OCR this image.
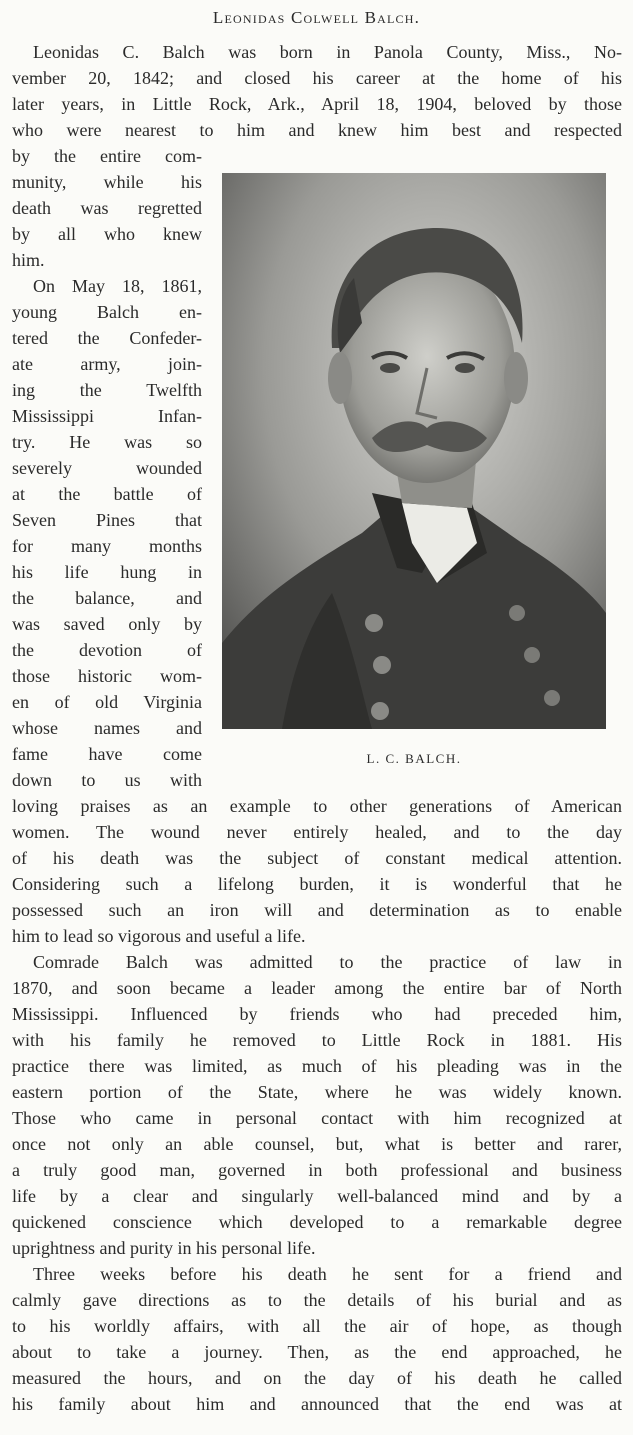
Leonidas Colwell Balch.
L. C. BALCH.
Leonidas C. Balch was born in Panola County, Miss., No-
vember 20, 1842; and closed his career at the home of his
later years, in Little Rock, Ark., April 18, 1904, beloved by those
who were nearest to him and knew him best and respected
by the entire com-
munity, while his
death was regretted
by all who knew
him.
On May 18, 1861,
young Balch en-
tered the Confeder-
ate army, join-
ing the Twelfth
Mississippi Infan-
try. He was so
severely wounded
at the battle of
Seven Pines that
for many months
his life hung in
the balance, and
was saved only by
the devotion of
those historic wom-
en of old Virginia
whose names and
fame have come
down to us with
loving praises as an example to other generations of American
women. The wound never entirely healed, and to the day
of his death was the subject of constant medical attention.
Considering such a lifelong burden, it is wonderful that he
possessed such an iron will and determination as to enable
him to lead so vigorous and useful a life.
Comrade Balch was admitted to the practice of law in
1870, and soon became a leader among the entire bar of North
Mississippi. Influenced by friends who had preceded him,
with his family he removed to Little Rock in 1881. His
practice there was limited, as much of his pleading was in the
eastern portion of the State, where he was widely known.
Those who came in personal contact with him recognized at
once not only an able counsel, but, what is better and rarer,
a truly good man, governed in both professional and business
life by a clear and singularly well-balanced mind and by a
quickened conscience which developed to a remarkable degree
uprightness and purity in his personal life.
Three weeks before his death he sent for a friend and
calmly gave directions as to the details of his burial and as
to his worldly affairs, with all the air of hope, as though
about to take a journey. Then, as the end approached, he
measured the hours, and on the day of his death he called
his family about him and announced that the end was at
